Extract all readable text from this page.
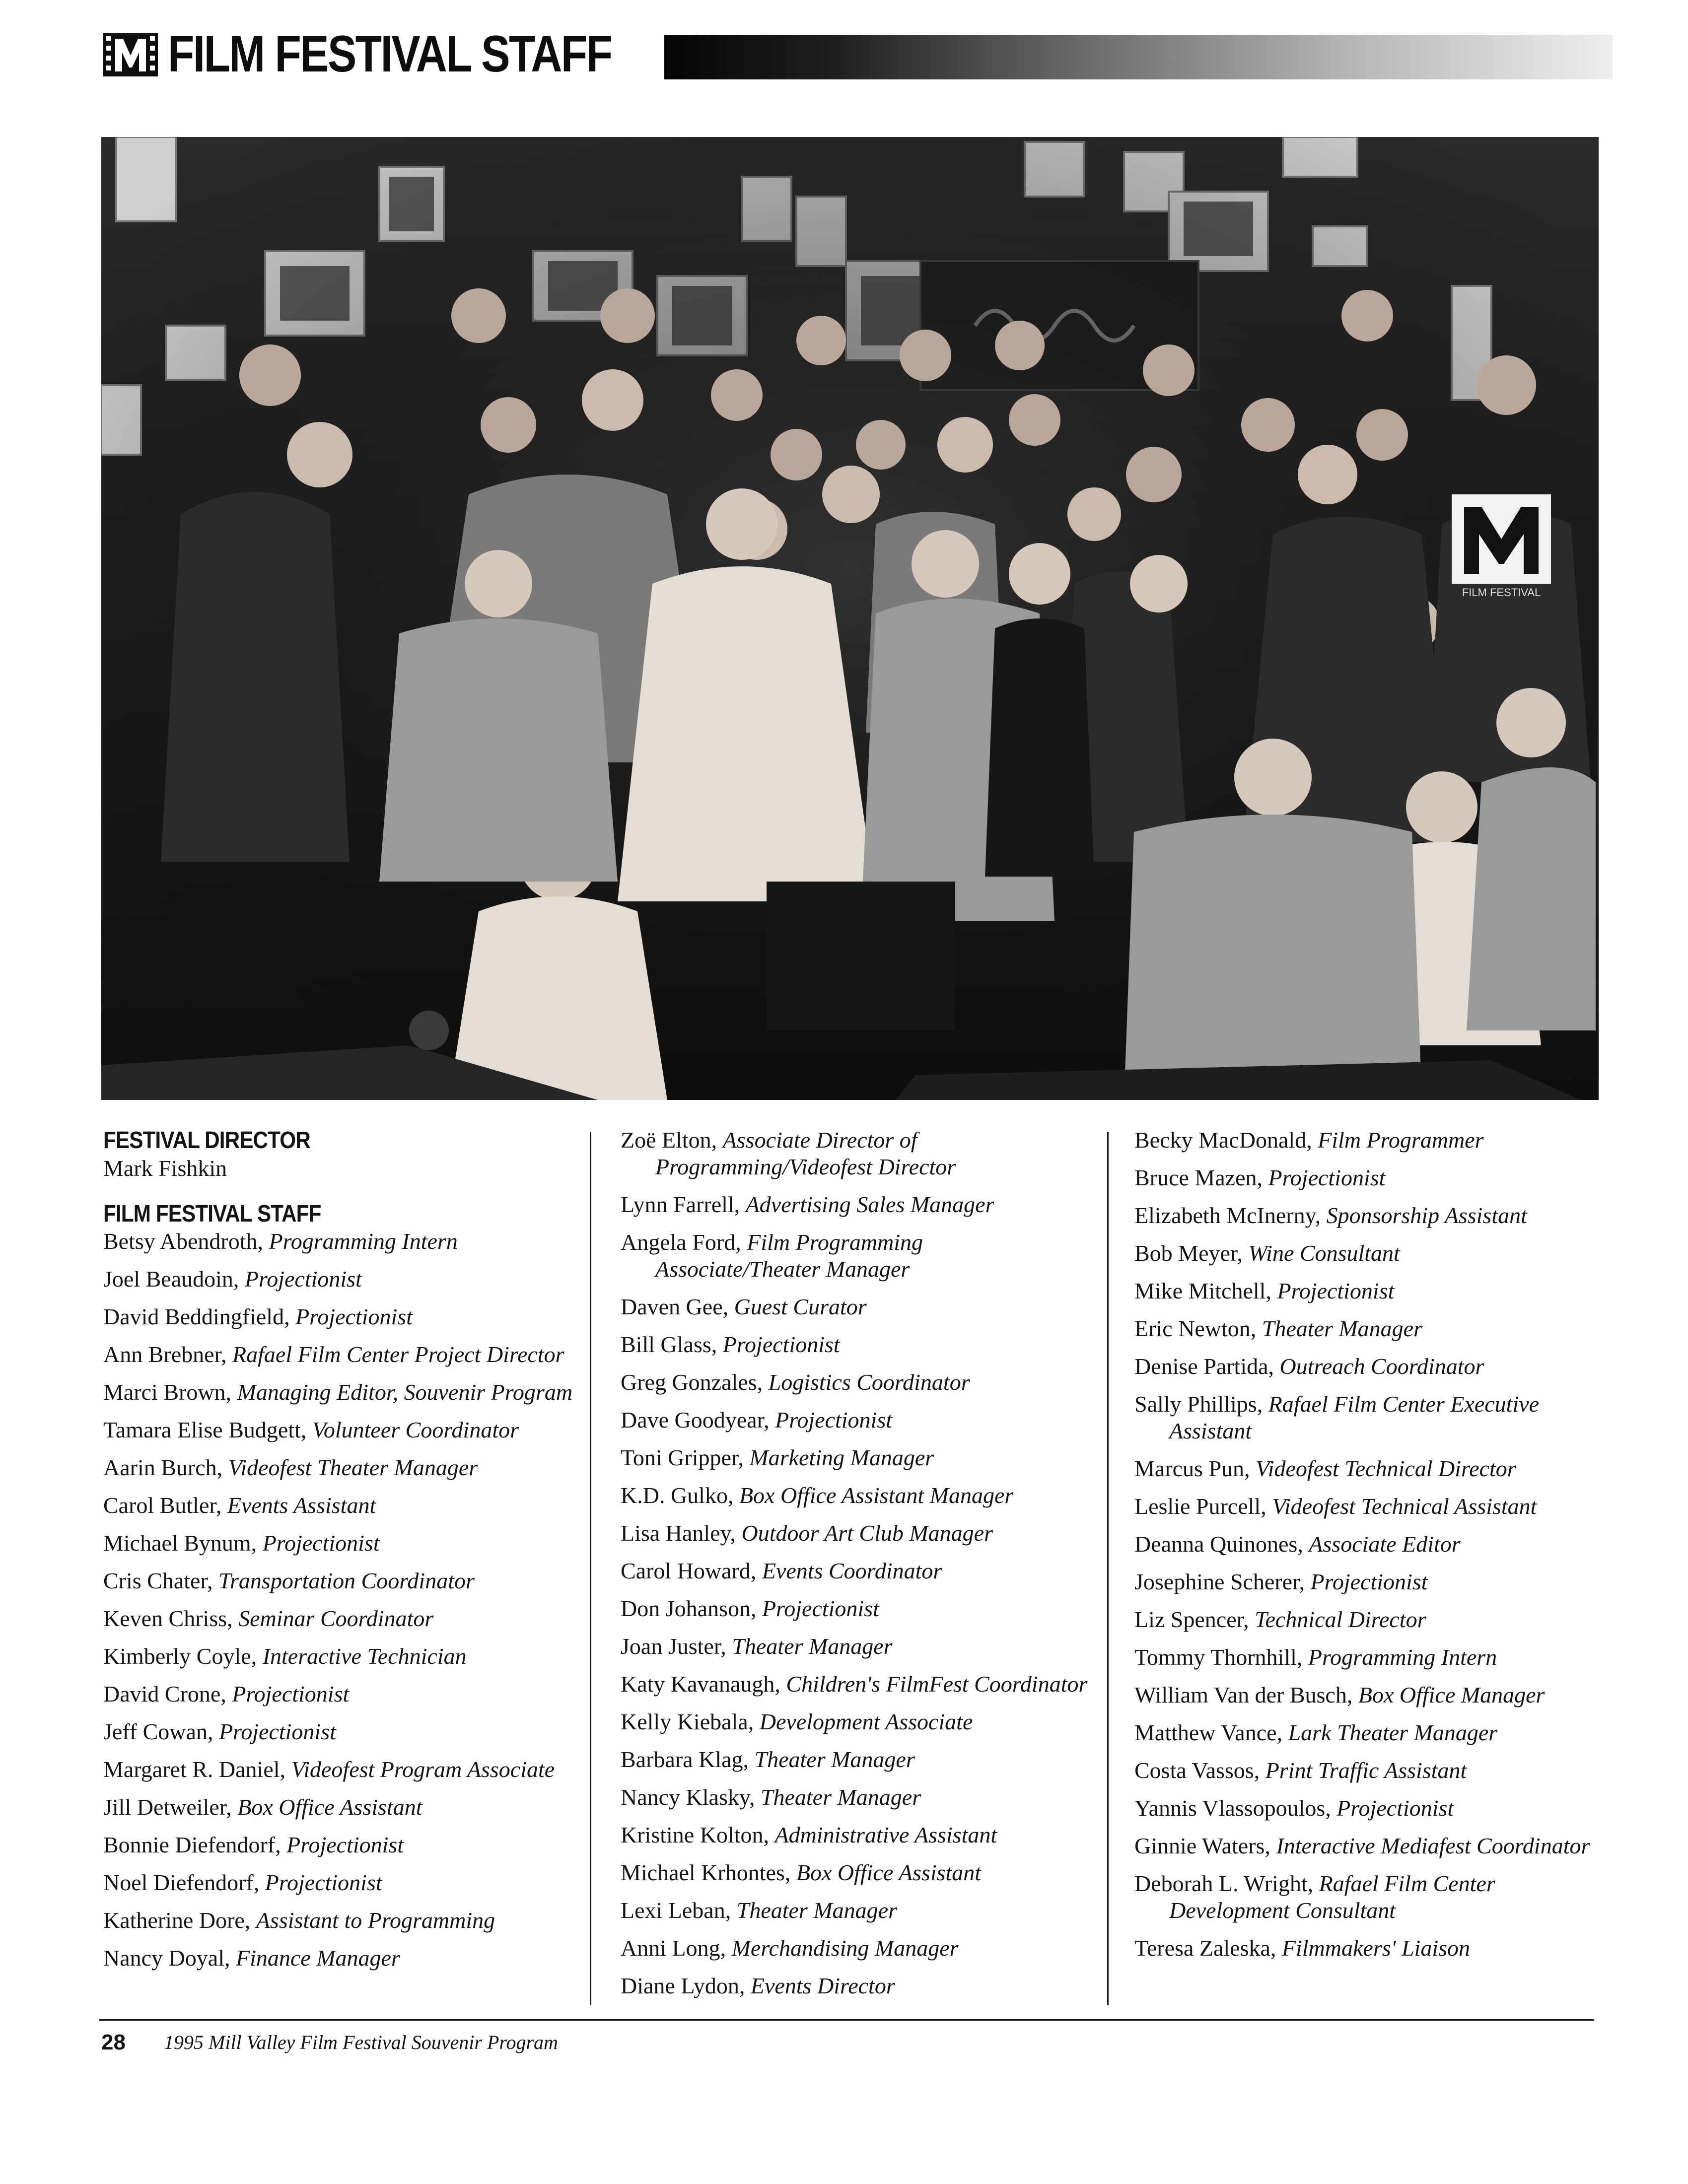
FILM FESTIVAL STAFF
FILM FESTIVAL
FESTIVAL DIRECTOR
Mark Fishkin
FILM FESTIVAL STAFF
Betsy Abendroth, Programming Intern
Joel Beaudoin, Projectionist
David Beddingfield, Projectionist
Ann Brebner, Rafael Film Center Project Director
Marci Brown, Managing Editor, Souvenir Program
Tamara Elise Budgett, Volunteer Coordinator
Aarin Burch, Videofest Theater Manager
Carol Butler, Events Assistant
Michael Bynum, Projectionist
Cris Chater, Transportation Coordinator
Keven Chriss, Seminar Coordinator
Kimberly Coyle, Interactive Technician
David Crone, Projectionist
Jeff Cowan, Projectionist
Margaret R. Daniel, Videofest Program Associate
Jill Detweiler, Box Office Assistant
Bonnie Diefendorf, Projectionist
Noel Diefendorf, Projectionist
Katherine Dore, Assistant to Programming
Nancy Doyal, Finance Manager
Zoë Elton, Associate Director of Programming/Videofest Director
Lynn Farrell, Advertising Sales Manager
Angela Ford, Film Programming Associate/Theater Manager
Daven Gee, Guest Curator
Bill Glass, Projectionist
Greg Gonzales, Logistics Coordinator
Dave Goodyear, Projectionist
Toni Gripper, Marketing Manager
K.D. Gulko, Box Office Assistant Manager
Lisa Hanley, Outdoor Art Club Manager
Carol Howard, Events Coordinator
Don Johanson, Projectionist
Joan Juster, Theater Manager
Katy Kavanaugh, Children's FilmFest Coordinator
Kelly Kiebala, Development Associate
Barbara Klag, Theater Manager
Nancy Klasky, Theater Manager
Kristine Kolton, Administrative Assistant
Michael Krhontes, Box Office Assistant
Lexi Leban, Theater Manager
Anni Long, Merchandising Manager
Diane Lydon, Events Director
Becky MacDonald, Film Programmer
Bruce Mazen, Projectionist
Elizabeth McInerny, Sponsorship Assistant
Bob Meyer, Wine Consultant
Mike Mitchell, Projectionist
Eric Newton, Theater Manager
Denise Partida, Outreach Coordinator
Sally Phillips, Rafael Film Center Executive Assistant
Marcus Pun, Videofest Technical Director
Leslie Purcell, Videofest Technical Assistant
Deanna Quinones, Associate Editor
Josephine Scherer, Projectionist
Liz Spencer, Technical Director
Tommy Thornhill, Programming Intern
William Van der Busch, Box Office Manager
Matthew Vance, Lark Theater Manager
Costa Vassos, Print Traffic Assistant
Yannis Vlassopoulos, Projectionist
Ginnie Waters, Interactive Mediafest Coordinator
Deborah L. Wright, Rafael Film Center Development Consultant
Teresa Zaleska, Filmmakers' Liaison
28 1995 Mill Valley Film Festival Souvenir Program
